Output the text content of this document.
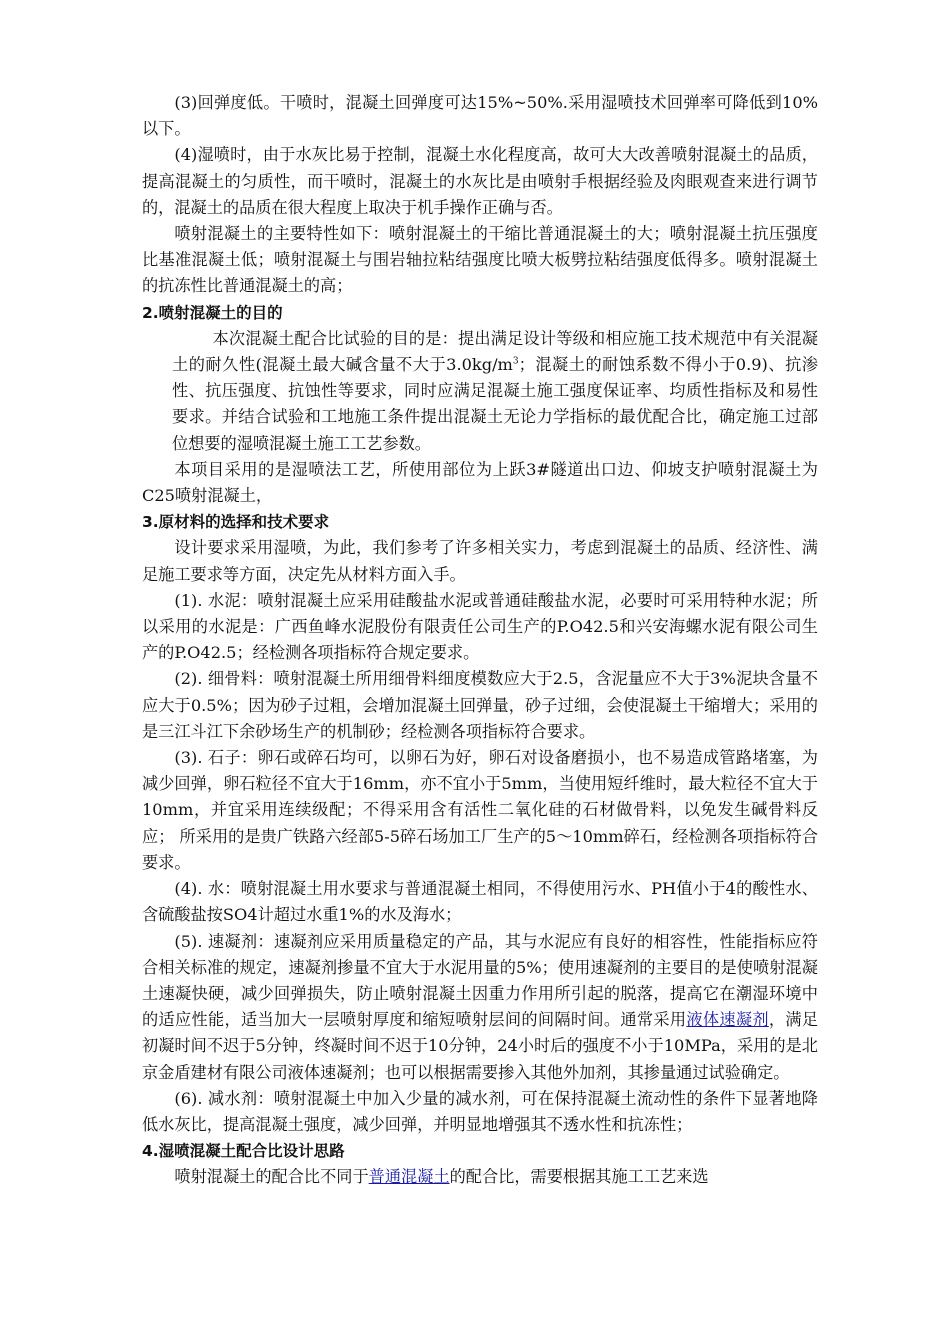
(3)回弹度低。干喷时，混凝土回弹度可达15%~50%.采用湿喷技术回弹率可降低到10%以下。

(4)湿喷时，由于水灰比易于控制，混凝土水化程度高，故可大大改善喷射混凝土的品质，提高混凝土的匀质性，而干喷时，混凝土的水灰比是由喷射手根据经验及肉眼观查来进行调节的，混凝土的品质在很大程度上取决于机手操作正确与否。

喷射混凝土的主要特性如下：喷射混凝土的干缩比普通混凝土的大；喷射混凝土抗压强度比基准混凝土低；喷射混凝土与围岩轴拉粘结强度比喷大板劈拉粘结强度低得多。喷射混凝土的抗冻性比普通混凝土的高；

2.喷射混凝土的目的

本次混凝土配合比试验的目的是：提出满足设计等级和相应施工技术规范中有关混凝土的耐久性(混凝土最大碱含量不大于$3.0kg/m^3$；混凝土的耐蚀系数不得小于0.9)、抗渗性、抗压强度、抗蚀性等要求，同时应满足混凝土施工强度保证率、均质性指标及和易性要求。并结合试验和工地施工条件提出混凝土无论力学指标的最优配合比，确定施工过部位想要的湿喷混凝土施工工艺参数。

本项目采用的是湿喷法工艺，所使用部位为上跃3#隧道出口边、仰坡支护喷射混凝土为C25喷射混凝土，

3.原材料的选择和技术要求

设计要求采用湿喷，为此，我们参考了许多相关实力，考虑到混凝土的品质、经济性、满足施工要求等方面，决定先从材料方面入手。

(1). 水泥：喷射混凝土应采用硅酸盐水泥或普通硅酸盐水泥，必要时可采用特种水泥；所以采用的水泥是：广西鱼峰水泥股份有限责任公司生产的P.O42.5和兴安海螺水泥有限公司生产的P.O42.5；经检测各项指标符合规定要求。

(2). 细骨料：喷射混凝土所用细骨料细度模数应大于2.5，含泥量应不大于3%泥块含量不应大于0.5%；因为砂子过粗，会增加混凝土回弹量，砂子过细，会使混凝土干缩增大；采用的是三江斗江下余砂场生产的机制砂；经检测各项指标符合要求。

(3). 石子：卵石或碎石均可，以卵石为好，卵石对设备磨损小，也不易造成管路堵塞，为减少回弹，卵石粒径不宜大于16mm，亦不宜小于5mm，当使用短纤维时，最大粒径不宜大于10mm，并宜采用连续级配；不得采用含有活性二氧化硅的石材做骨料，以免发生碱骨料反应； 所采用的是贵广铁路六经部5-5碎石场加工厂生产的5～10mm碎石，经检测各项指标符合要求。

(4). 水：喷射混凝土用水要求与普通混凝土相同，不得使用污水、PH值小于4的酸性水、含硫酸盐按SO4计超过水重1%的水及海水；

(5). 速凝剂：速凝剂应采用质量稳定的产品，其与水泥应有良好的相容性，性能指标应符合相关标准的规定，速凝剂掺量不宜大于水泥用量的5%；使用速凝剂的主要目的是使喷射混凝土速凝快硬，减少回弹损失，防止喷射混凝土因重力作用所引起的脱落，提高它在潮湿环境中的适应性能，适当加大一层喷射厚度和缩短喷射层间的间隔时间。通常采用液体速凝剂，满足初凝时间不迟于5分钟，终凝时间不迟于10分钟，24小时后的强度不小于10MPa，采用的是北京金盾建材有限公司液体速凝剂；也可以根据需要掺入其他外加剂，其掺量通过试验确定。

(6). 减水剂：喷射混凝土中加入少量的减水剂，可在保持混凝土流动性的条件下显著地降低水灰比，提高混凝土强度，减少回弹，并明显地增强其不透水性和抗冻性；

4.湿喷混凝土配合比设计思路

喷射混凝土的配合比不同于普通混凝土的配合比，需要根据其施工工艺来选
